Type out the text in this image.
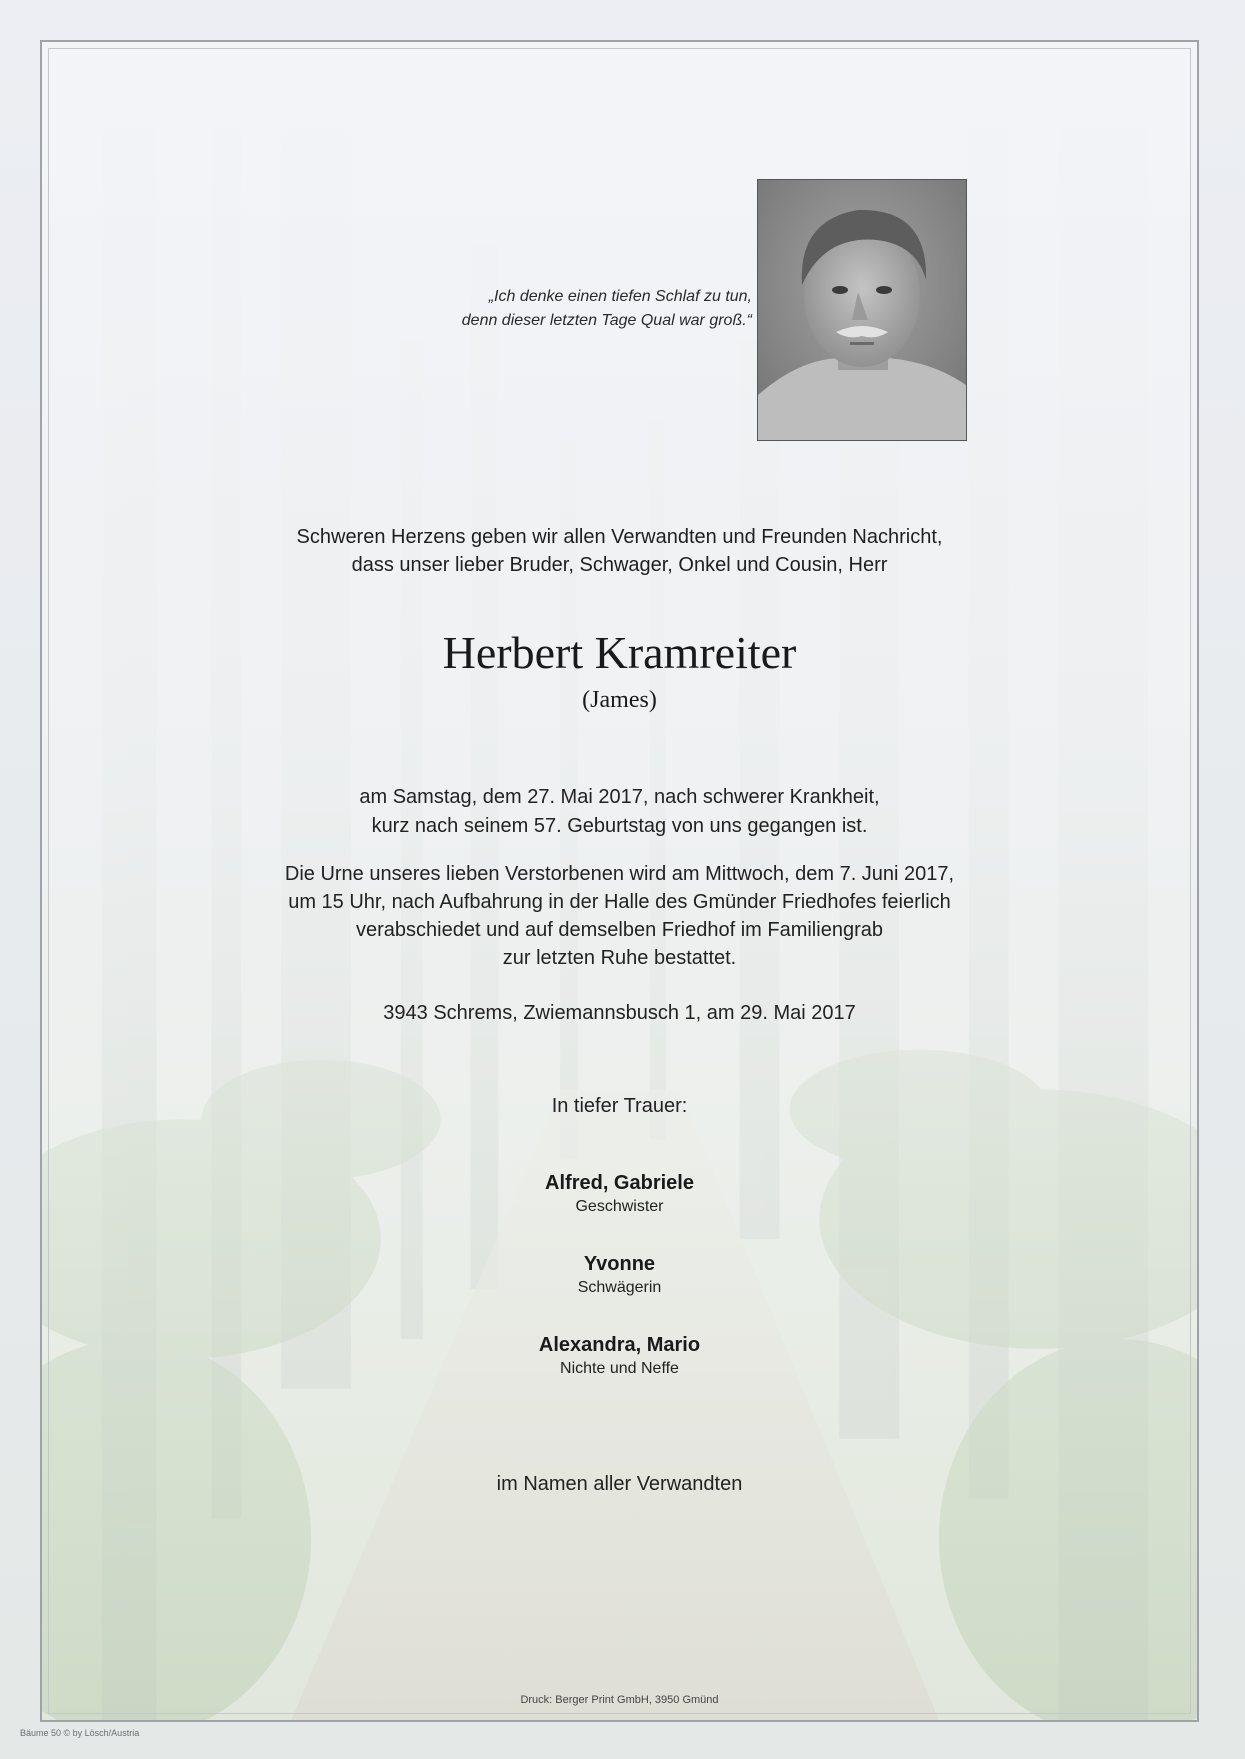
„Ich denke einen tiefen Schlaf zu tun,
denn dieser letzten Tage Qual war groß.“
Schweren Herzens geben wir allen Verwandten und Freunden Nachricht,
dass unser lieber Bruder, Schwager, Onkel und Cousin, Herr
Herbert Kramreiter
(James)
am Samstag, dem 27. Mai 2017, nach schwerer Krankheit,
kurz nach seinem 57. Geburtstag von uns gegangen ist.
Die Urne unseres lieben Verstorbenen wird am Mittwoch, dem 7. Juni 2017,
um 15 Uhr, nach Aufbahrung in der Halle des Gmünder Friedhofes feierlich
verabschiedet und auf demselben Friedhof im Familiengrab
zur letzten Ruhe bestattet.
3943 Schrems, Zwiemannsbusch 1, am 29. Mai 2017
In tiefer Trauer:
Alfred, Gabriele
Geschwister
Yvonne
Schwägerin
Alexandra, Mario
Nichte und Neffe
im Namen aller Verwandten
Druck: Berger Print GmbH, 3950 Gmünd
Bäume 50 © by Lösch/Austria
